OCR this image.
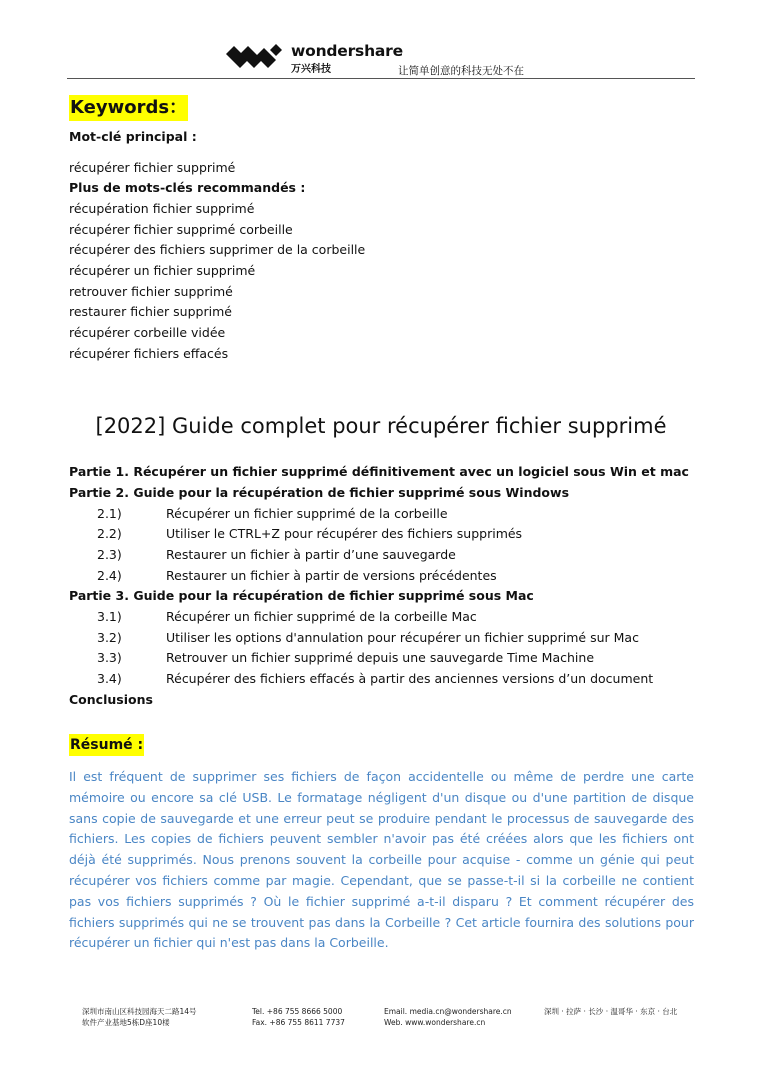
wondershare
万兴科技	让简单创意的科技无处不在
Keywords：
Mot-clé principal :
récupérer fichier supprimé
Plus de mots-clés recommandés :
récupération fichier supprimé
récupérer fichier supprimé corbeille
récupérer des fichiers supprimer de la corbeille
récupérer un fichier supprimé
retrouver fichier supprimé
restaurer fichier supprimé
récupérer corbeille vidée
récupérer fichiers effacés
[2022] Guide complet pour récupérer fichier supprimé
Partie 1. Récupérer un fichier supprimé définitivement avec un logiciel sous Win et mac
Partie 2. Guide pour la récupération de fichier supprimé sous Windows
2.1)	Récupérer un fichier supprimé de la corbeille
2.2)	Utiliser le CTRL+Z pour récupérer des fichiers supprimés
2.3)	Restaurer un fichier à partir d’une sauvegarde
2.4)	Restaurer un fichier à partir de versions précédentes
Partie 3. Guide pour la récupération de fichier supprimé sous Mac
3.1)	Récupérer un fichier supprimé de la corbeille Mac
3.2)	Utiliser les options d'annulation pour récupérer un fichier supprimé sur Mac
3.3)	Retrouver un fichier supprimé depuis une sauvegarde Time Machine
3.4)	Récupérer des fichiers effacés à partir des anciennes versions d’un document
Conclusions
Résumé :
Il est fréquent de supprimer ses fichiers de façon accidentelle ou même de perdre une carte mémoire ou encore sa clé USB. Le formatage négligent d'un disque ou d'une partition de disque sans copie de sauvegarde et une erreur peut se produire pendant le processus de sauvegarde des fichiers. Les copies de fichiers peuvent sembler n'avoir pas été créées alors que les fichiers ont déjà été supprimés. Nous prenons souvent la corbeille pour acquise - comme un génie qui peut récupérer vos fichiers comme par magie. Cependant, que se passe-t-il si la corbeille ne contient pas vos fichiers supprimés ? Où le fichier supprimé a-t-il disparu ? Et comment récupérer des fichiers supprimés qui ne se trouvent pas dans la Corbeille ? Cet article fournira des solutions pour récupérer un fichier qui n'est pas dans la Corbeille.
深圳市南山区科技园海天二路14号
软件产业基地5栋D座10楼
Tel. +86 755 8666 5000
Fax. +86 755 8611 7737
Email. media.cn@wondershare.cn
Web. www.wondershare.cn
深圳 · 拉萨 · 长沙 · 温哥华 · 东京 · 台北
